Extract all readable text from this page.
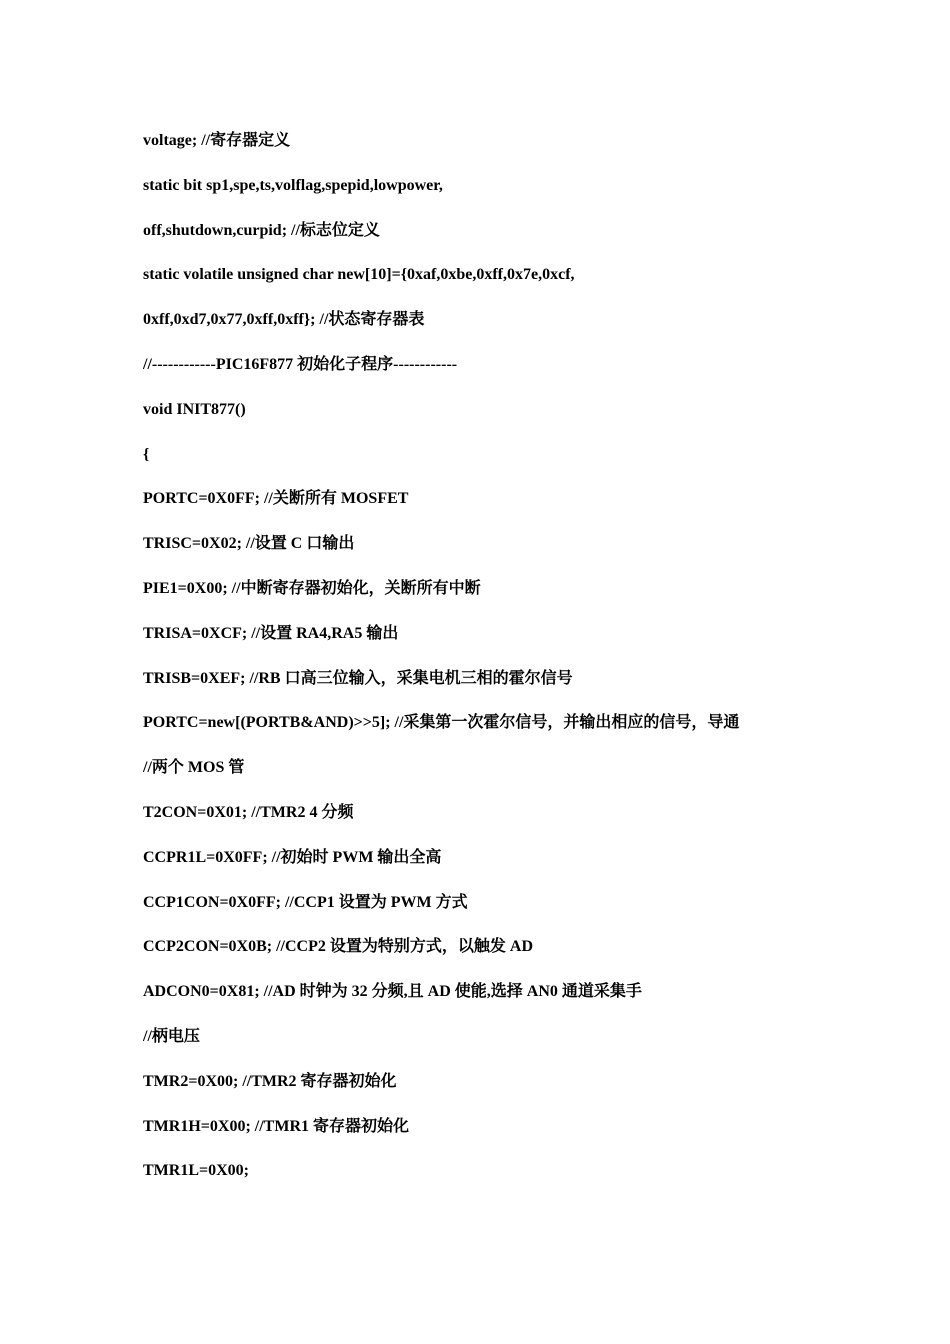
voltage; //寄存器定义
static bit sp1,spe,ts,volflag,spepid,lowpower,
off,shutdown,curpid; //标志位定义
static volatile unsigned char new[10]={0xaf,0xbe,0xff,0x7e,0xcf,
0xff,0xd7,0x77,0xff,0xff}; //状态寄存器表
//------------PIC16F877 初始化子程序------------
void INIT877()
{
PORTC=0X0FF; //关断所有 MOSFET
TRISC=0X02; //设置 C 口输出
PIE1=0X00; //中断寄存器初始化，关断所有中断
TRISA=0XCF; //设置 RA4,RA5 输出
TRISB=0XEF; //RB 口高三位输入，采集电机三相的霍尔信号
PORTC=new[(PORTB&AND)>>5]; //采集第一次霍尔信号，并输出相应的信号，导通
//两个 MOS 管
T2CON=0X01; //TMR2 4 分频
CCPR1L=0X0FF; //初始时 PWM 输出全高
CCP1CON=0X0FF; //CCP1 设置为 PWM 方式
CCP2CON=0X0B; //CCP2 设置为特别方式，以触发 AD
ADCON0=0X81; //AD 时钟为 32 分频,且 AD 使能,选择 AN0 通道采集手
//柄电压
TMR2=0X00; //TMR2 寄存器初始化
TMR1H=0X00; //TMR1 寄存器初始化
TMR1L=0X00;
